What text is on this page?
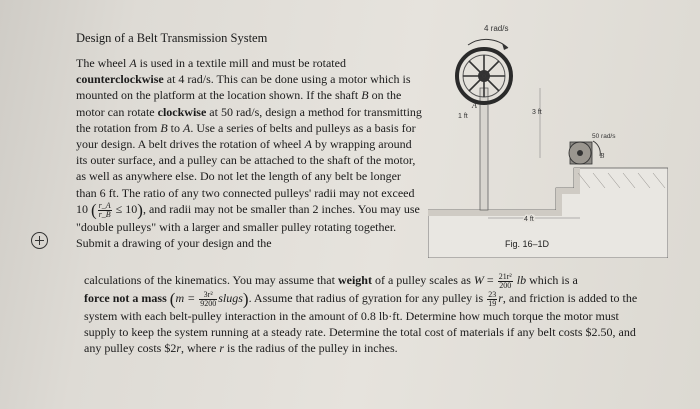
Design of a Belt Transmission System

The wheel A is used in a textile mill and must be rotated counterclockwise at 4 rad/s. This can be done using a motor which is mounted on the platform at the location shown. If the shaft B on the motor can rotate clockwise at 50 rad/s, design a method for transmitting the rotation from B to A. Use a series of belts and pulleys as a basis for your design. A belt drives the rotation of wheel A by wrapping around its outer surface, and a pulley can be attached to the shaft of the motor, as well as anywhere else. Do not let the length of any belt be longer than 6 ft. The ratio of any two connected pulleys' radii may not exceed 10 ( $\frac{r\_A}{r\_B} \le 10$), and radii may not be smaller than 2 inches. You may use "double pulleys" with a larger and smaller pulley rotating together. Submit a drawing of your design and the

calculations of the kinematics. You may assume that weight of a pulley scales as $W = \frac{\text{21r²}}{200}$ lb which is a
force not a mass ($m = \frac{\text{3r²}}{9200}$ slugs). Assume that radius of gyration for any pulley is $\frac{23}{19} r$, and friction is added to the system with each belt-pulley interaction in the amount of 0.8 lb·ft. Determine how much torque the motor must supply to keep the system running at a steady rate. Determine the total cost of materials if any belt costs $2.50, and any pulley costs $2r, where r is the radius of the pulley in inches.

4 rad/s
A
1 ft
3 ft
50 rad/s
B
4 ft
Fig. 16–1D
